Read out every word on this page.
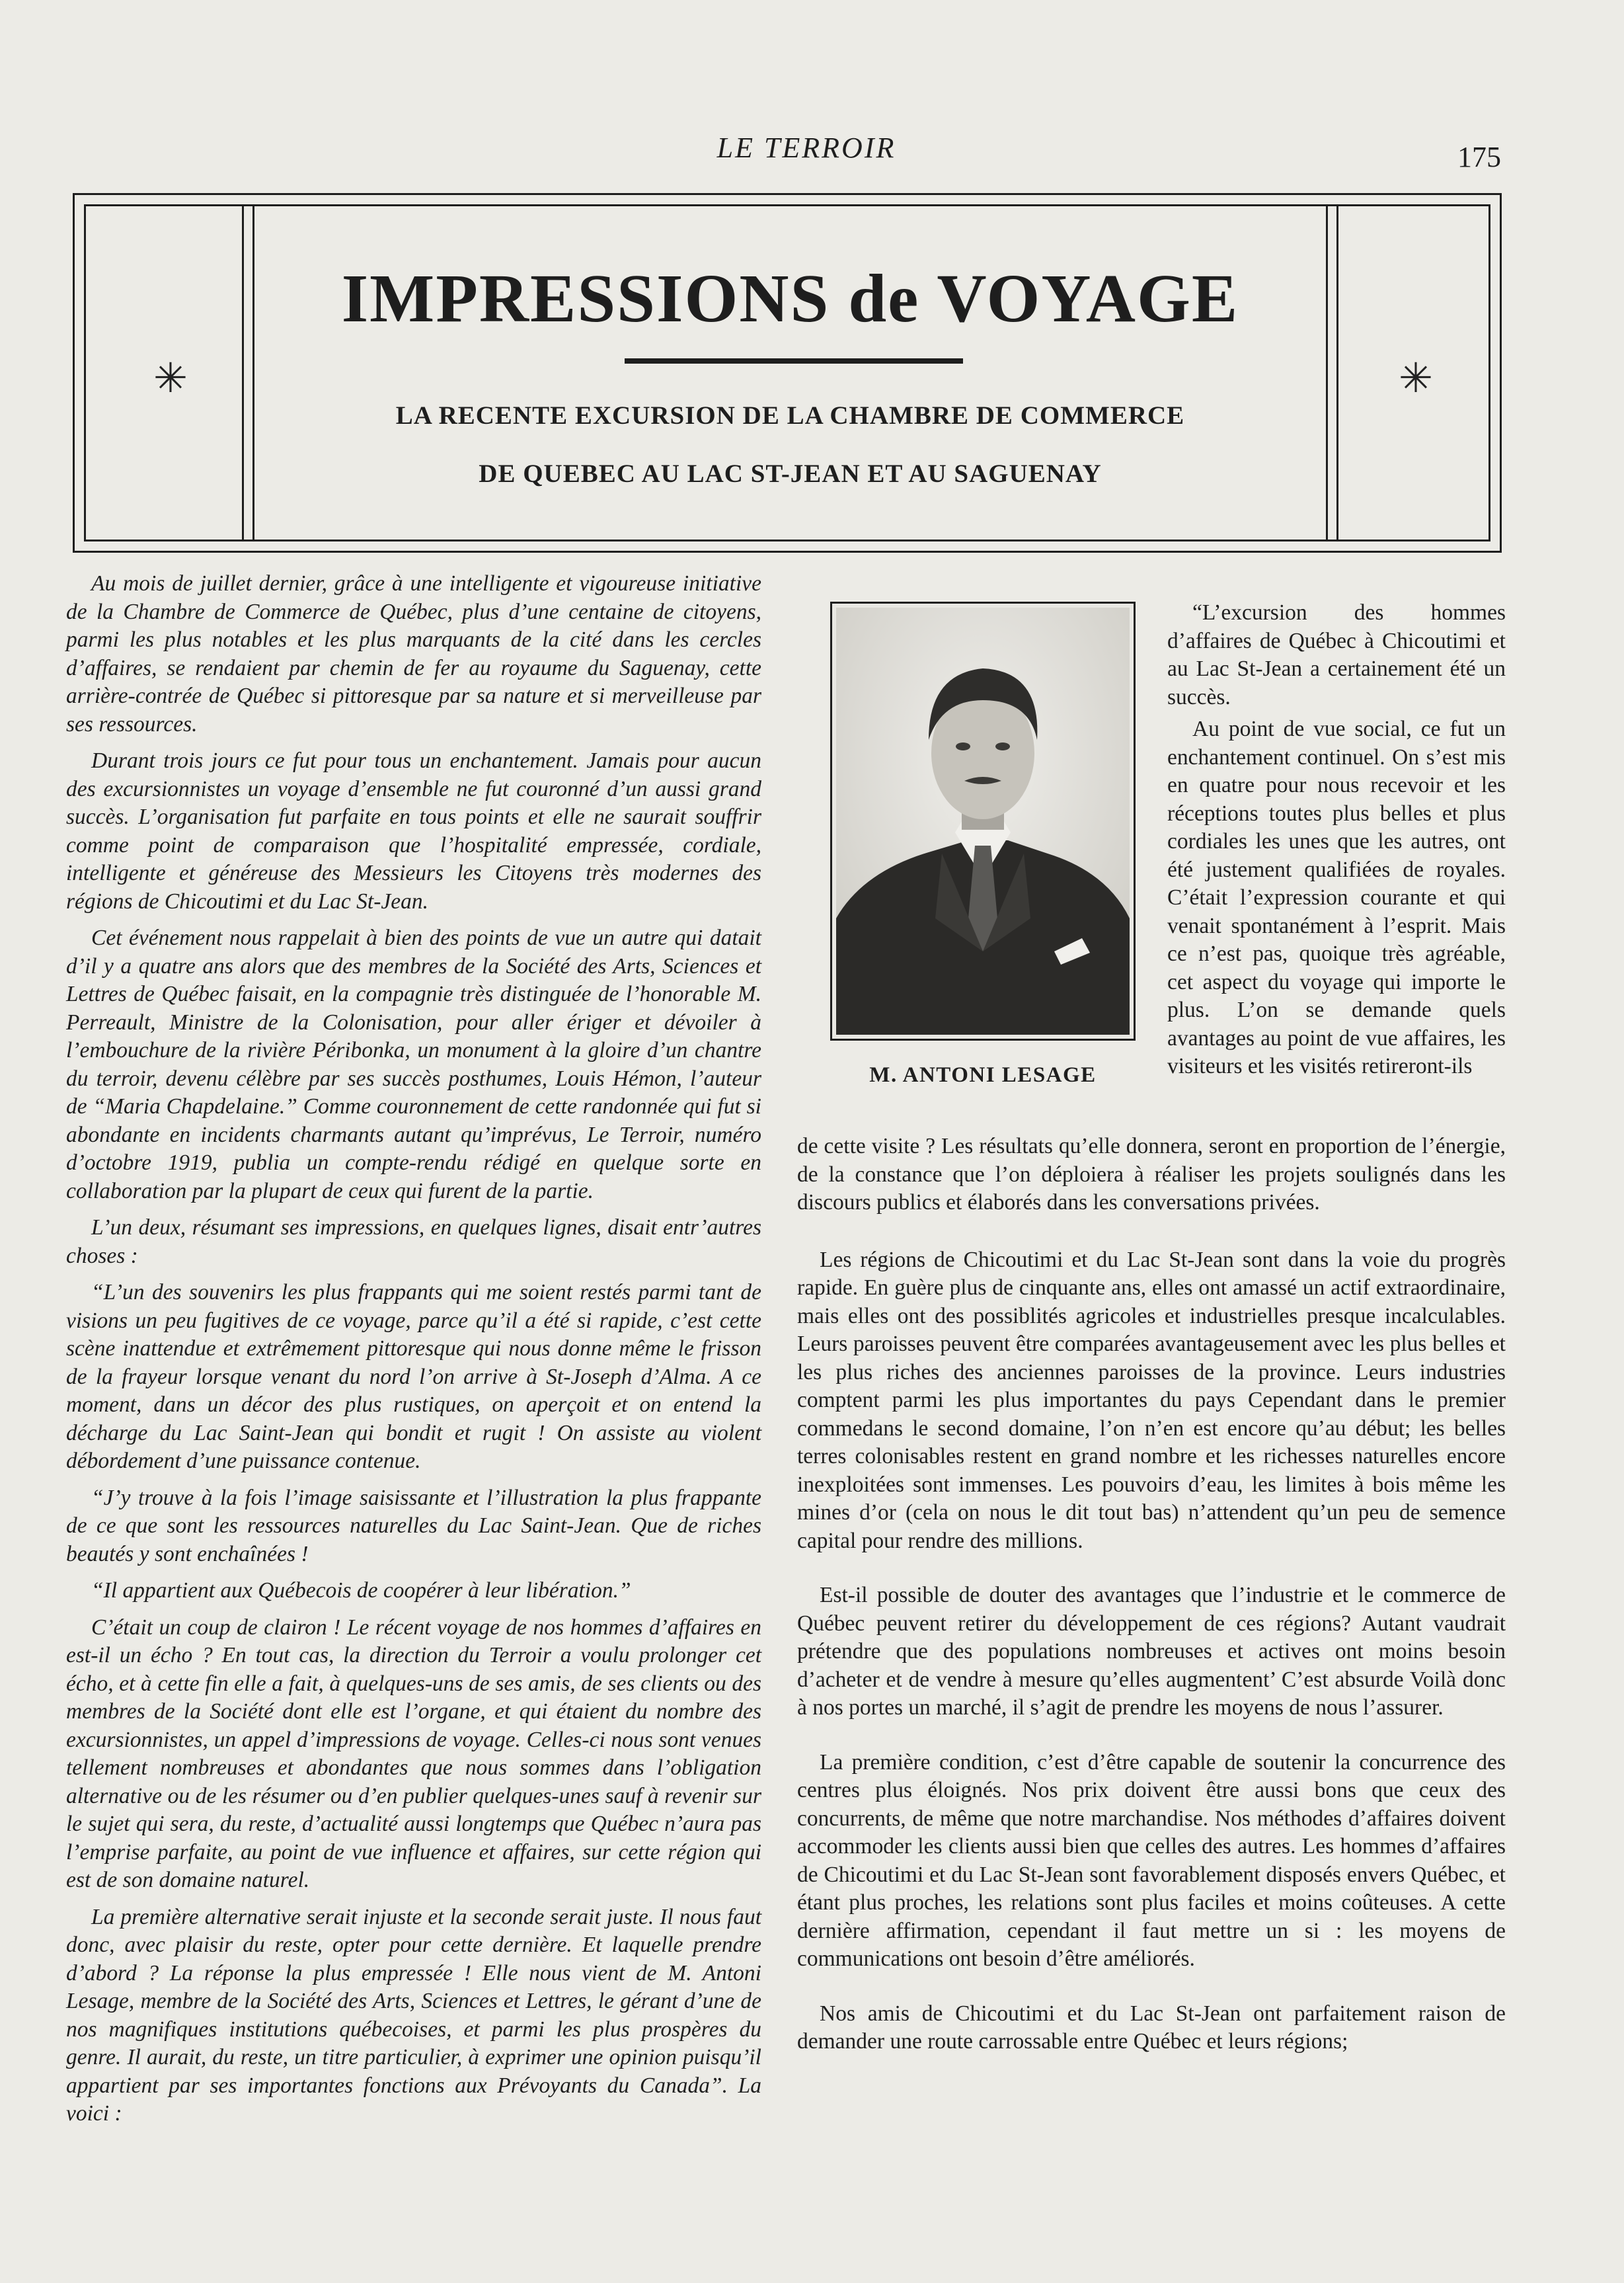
LE TERROIR	175
✳	✳
IMPRESSIONS de VOYAGE
LA RECENTE EXCURSION DE LA CHAMBRE DE COMMERCE
DE QUEBEC AU LAC ST-JEAN ET AU SAGUENAY

Au mois de juillet dernier, grâce à une intelligente et vigoureuse initiative de la Chambre de Commerce de Québec, plus d’une centaine de citoyens, parmi les plus notables et les plus marquants de la cité dans les cercles d’affaires, se rendaient par chemin de fer au royaume du Saguenay, cette arrière-contrée de Québec si pittoresque par sa nature et si merveilleuse par ses ressources.

Durant trois jours ce fut pour tous un enchantement. Jamais pour aucun des excursionnistes un voyage d’ensemble ne fut couronné d’un aussi grand succès. L’organisation fut parfaite en tous points et elle ne saurait souffrir comme point de comparaison que l’hospitalité empressée, cordiale, intelligente et généreuse des Messieurs les Citoyens très modernes des régions de Chicoutimi et du Lac St-Jean.

Cet événement nous rappelait à bien des points de vue un autre qui datait d’il y a quatre ans alors que des membres de la Société des Arts, Sciences et Lettres de Québec faisait, en la compagnie très distinguée de l’honorable M. Perreault, Ministre de la Colonisation, pour aller ériger et dévoiler à l’embouchure de la rivière Péribonka, un monument à la gloire d’un chantre du terroir, devenu célèbre par ses succès posthumes, Louis Hémon, l’auteur de “Maria Chapdelaine.” Comme couronnement de cette randonnée qui fut si abondante en incidents charmants autant qu’imprévus, Le Terroir, numéro d’octobre 1919, publia un compte-rendu rédigé en quelque sorte en collaboration par la plupart de ceux qui furent de la partie.

L’un deux, résumant ses impressions, en quelques lignes, disait entr’autres choses :

“L’un des souvenirs les plus frappants qui me soient restés parmi tant de visions un peu fugitives de ce voyage, parce qu’il a été si rapide, c’est cette scène inattendue et extrêmement pittoresque qui nous donne même le frisson de la frayeur lorsque venant du nord l’on arrive à St-Joseph d’Alma. A ce moment, dans un décor des plus rustiques, on aperçoit et on entend la décharge du Lac Saint-Jean qui bondit et rugit ! On assiste au violent débordement d’une puissance contenue.

“J’y trouve à la fois l’image saisissante et l’illustration la plus frappante de ce que sont les ressources naturelles du Lac Saint-Jean. Que de riches beautés y sont enchaînées !

“Il appartient aux Québecois de coopérer à leur libération.”

C’était un coup de clairon ! Le récent voyage de nos hommes d’affaires en est-il un écho ? En tout cas, la direction du Terroir a voulu prolonger cet écho, et à cette fin elle a fait, à quelques-uns de ses amis, de ses clients ou des membres de la Société dont elle est l’organe, et qui étaient du nombre des excursionnistes, un appel d’impressions de voyage. Celles-ci nous sont venues tellement nombreuses et abondantes que nous sommes dans l’obligation alternative ou de les résumer ou d’en publier quelques-unes sauf à revenir sur le sujet qui sera, du reste, d’actualité aussi longtemps que Québec n’aura pas l’emprise parfaite, au point de vue influence et affaires, sur cette région qui est de son domaine naturel.

La première alternative serait injuste et la seconde serait juste. Il nous faut donc, avec plaisir du reste, opter pour cette dernière. Et laquelle prendre d’abord ? La réponse la plus empressée ! Elle nous vient de M. Antoni Lesage, membre de la Société des Arts, Sciences et Lettres, le gérant d’une de nos magnifiques institutions québecoises, et parmi les plus prospères du genre. Il aurait, du reste, un titre particulier, à exprimer une opinion puisqu’il appartient par ses importantes fonctions aux Prévoyants du Canada”. La voici :

M. ANTONI LESAGE

“L’excursion des hommes d’affaires de Québec à Chicoutimi et au Lac St-Jean a certainement été un succès.

Au point de vue social, ce fut un enchantement continuel. On s’est mis en quatre pour nous recevoir et les réceptions toutes plus belles et plus cordiales les unes que les autres, ont été justement qualifiées de royales. C’était l’expression courante et qui venait spontanément à l’esprit. Mais ce n’est pas, quoique très agréable, cet aspect du voyage qui importe le plus. L’on se demande quels avantages au point de vue affaires, les visiteurs et les visités retireront-ils

de cette visite ? Les résultats qu’elle donnera, seront en proportion de l’énergie, de la constance que l’on déploiera à réaliser les projets soulignés dans les discours publics et élaborés dans les conversations privées.

Les régions de Chicoutimi et du Lac St-Jean sont dans la voie du progrès rapide. En guère plus de cinquante ans, elles ont amassé un actif extraordinaire, mais elles ont des possiblités agricoles et industrielles presque incalculables. Leurs paroisses peuvent être comparées avantageusement avec les plus belles et les plus riches des anciennes paroisses de la province. Leurs industries comptent parmi les plus importantes du pays Cependant dans le premier commedans le second domaine, l’on n’en est encore qu’au début; les belles terres colonisables restent en grand nombre et les richesses naturelles encore inexploitées sont immenses. Les pouvoirs d’eau, les limites à bois même les mines d’or (cela on nous le dit tout bas) n’attendent qu’un peu de semence capital pour rendre des millions.

Est-il possible de douter des avantages que l’industrie et le commerce de Québec peuvent retirer du développement de ces régions? Autant vaudrait prétendre que des populations nombreuses et actives ont moins besoin d’acheter et de vendre à mesure qu’elles augmentent’ C’est absurde Voilà donc à nos portes un marché, il s’agit de prendre les moyens de nous l’assurer.

La première condition, c’est d’être capable de soutenir la concurrence des centres plus éloignés. Nos prix doivent être aussi bons que ceux des concurrents, de même que notre marchandise. Nos méthodes d’affaires doivent accommoder les clients aussi bien que celles des autres. Les hommes d’affaires de Chicoutimi et du Lac St-Jean sont favorablement disposés envers Québec, et étant plus proches, les relations sont plus faciles et moins coûteuses. A cette dernière affirmation, cependant il faut mettre un si : les moyens de communications ont besoin d’être améliorés.

Nos amis de Chicoutimi et du Lac St-Jean ont parfaitement raison de demander une route carrossable entre Québec et leurs régions;
